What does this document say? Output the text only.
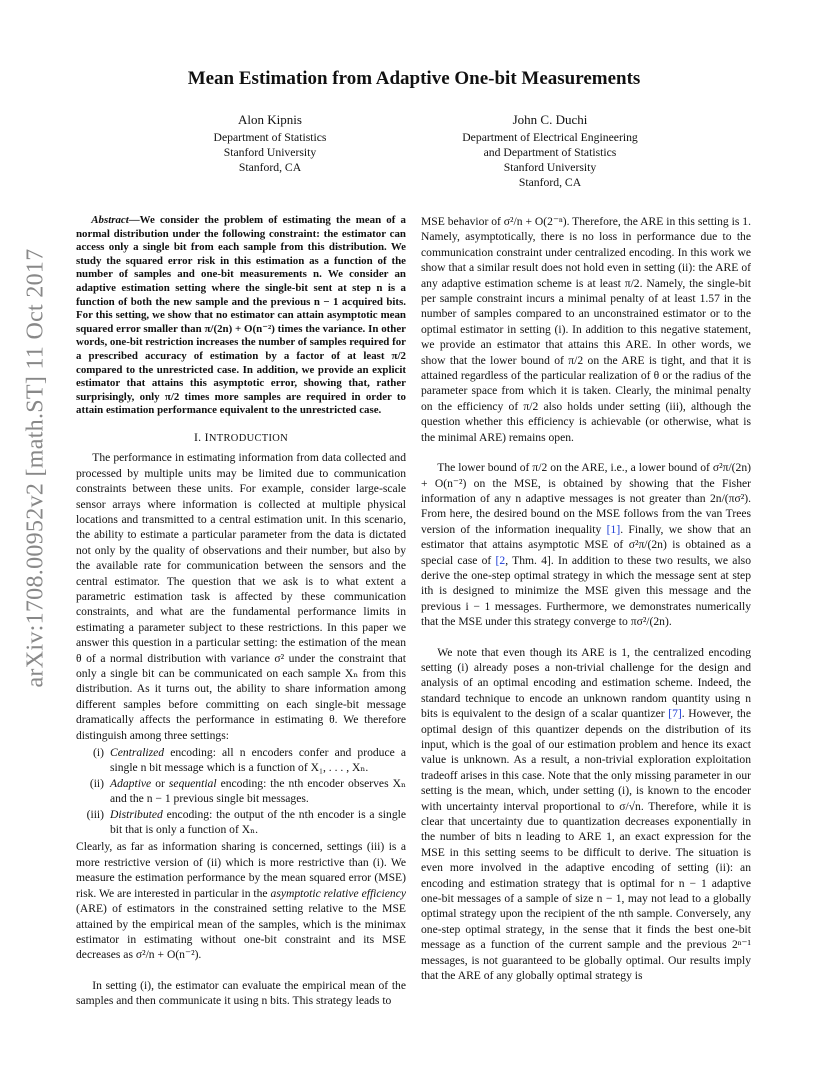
arXiv:1708.00952v2 [math.ST] 11 Oct 2017
Mean Estimation from Adaptive One-bit Measurements
Alon Kipnis
Department of Statistics
Stanford University
Stanford, CA
John C. Duchi
Department of Electrical Engineering
and Department of Statistics
Stanford University
Stanford, CA

Abstract—We consider the problem of estimating the mean of a normal distribution under the following constraint: the estimator can access only a single bit from each sample from this distribution. We study the squared error risk in this estimation as a function of the number of samples and one-bit measurements n. We consider an adaptive estimation setting where the single-bit sent at step n is a function of both the new sample and the previous n − 1 acquired bits. For this setting, we show that no estimator can attain asymptotic mean squared error smaller than π/(2n) + O(n⁻²) times the variance. In other words, one-bit restriction increases the number of samples required for a prescribed accuracy of estimation by a factor of at least π/2 compared to the unrestricted case. In addition, we provide an explicit estimator that attains this asymptotic error, showing that, rather surprisingly, only π/2 times more samples are required in order to attain estimation performance equivalent to the unrestricted case.

I. INTRODUCTION

The performance in estimating information from data collected and processed by multiple units may be limited due to communication constraints between these units. For example, consider large-scale sensor arrays where information is collected at multiple physical locations and transmitted to a central estimation unit. In this scenario, the ability to estimate a particular parameter from the data is dictated not only by the quality of observations and their number, but also by the available rate for communication between the sensors and the central estimator. The question that we ask is to what extent a parametric estimation task is affected by these communication constraints, and what are the fundamental performance limits in estimating a parameter subject to these restrictions. In this paper we answer this question in a particular setting: the estimation of the mean θ of a normal distribution with variance σ² under the constraint that only a single bit can be communicated on each sample Xₙ from this distribution. As it turns out, the ability to share information among different samples before committing on each single-bit message dramatically affects the performance in estimating θ. We therefore distinguish among three settings:

(i) Centralized encoding: all n encoders confer and produce a single n bit message which is a function of X₁, . . . , Xₙ.
(ii) Adaptive or sequential encoding: the nth encoder observes Xₙ and the n − 1 previous single bit messages.
(iii) Distributed encoding: the output of the nth encoder is a single bit that is only a function of Xₙ.

Clearly, as far as information sharing is concerned, settings (iii) is a more restrictive version of (ii) which is more restrictive than (i). We measure the estimation performance by the mean squared error (MSE) risk. We are interested in particular in the asymptotic relative efficiency (ARE) of estimators in the constrained setting relative to the MSE attained by the empirical mean of the samples, which is the minimax estimator in estimating without one-bit constraint and its MSE decreases as σ²/n + O(n⁻²).

In setting (i), the estimator can evaluate the empirical mean of the samples and then communicate it using n bits. This strategy leads to

MSE behavior of σ²/n + O(2⁻ⁿ). Therefore, the ARE in this setting is 1. Namely, asymptotically, there is no loss in performance due to the communication constraint under centralized encoding. In this work we show that a similar result does not hold even in setting (ii): the ARE of any adaptive estimation scheme is at least π/2. Namely, the single-bit per sample constraint incurs a minimal penalty of at least 1.57 in the number of samples compared to an unconstrained estimator or to the optimal estimator in setting (i). In addition to this negative statement, we provide an estimator that attains this ARE. In other words, we show that the lower bound of π/2 on the ARE is tight, and that it is attained regardless of the particular realization of θ or the radius of the parameter space from which it is taken. Clearly, the minimal penalty on the efficiency of π/2 also holds under setting (iii), although the question whether this efficiency is achievable (or otherwise, what is the minimal ARE) remains open.

The lower bound of π/2 on the ARE, i.e., a lower bound of σ²π/(2n) + O(n⁻²) on the MSE, is obtained by showing that the Fisher information of any n adaptive messages is not greater than 2n/(πσ²). From here, the desired bound on the MSE follows from the van Trees version of the information inequality [1]. Finally, we show that an estimator that attains asymptotic MSE of σ²π/(2n) is obtained as a special case of [2, Thm. 4]. In addition to these two results, we also derive the one-step optimal strategy in which the message sent at step ith is designed to minimize the MSE given this message and the previous i − 1 messages. Furthermore, we demonstrates numerically that the MSE under this strategy converge to πσ²/(2n).

We note that even though its ARE is 1, the centralized encoding setting (i) already poses a non-trivial challenge for the design and analysis of an optimal encoding and estimation scheme. Indeed, the standard technique to encode an unknown random quantity using n bits is equivalent to the design of a scalar quantizer [7]. However, the optimal design of this quantizer depends on the distribution of its input, which is the goal of our estimation problem and hence its exact value is unknown. As a result, a non-trivial exploration exploitation tradeoff arises in this case. Note that the only missing parameter in our setting is the mean, which, under setting (i), is known to the encoder with uncertainty interval proportional to σ/√n. Therefore, while it is clear that uncertainty due to quantization decreases exponentially in the number of bits n leading to ARE 1, an exact expression for the MSE in this setting seems to be difficult to derive. The situation is even more involved in the adaptive encoding of setting (ii): an encoding and estimation strategy that is optimal for n − 1 adaptive one-bit messages of a sample of size n − 1, may not lead to a globally optimal strategy upon the recipient of the nth sample. Conversely, any one-step optimal strategy, in the sense that it finds the best one-bit message as a function of the current sample and the previous 2ⁿ⁻¹ messages, is not guaranteed to be globally optimal. Our results imply that the ARE of any globally optimal strategy is
